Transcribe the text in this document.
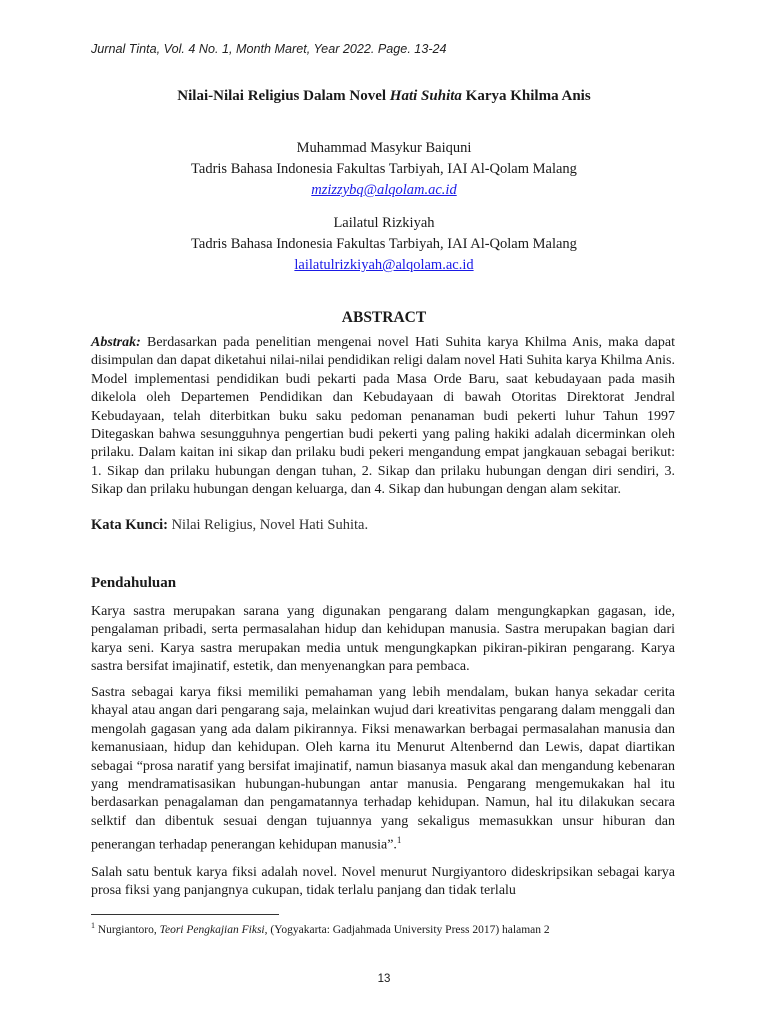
Jurnal Tinta, Vol. 4 No. 1, Month Maret, Year 2022. Page. 13-24
Nilai-Nilai Religius Dalam Novel Hati Suhita Karya Khilma Anis
Muhammad Masykur Baiquni
Tadris Bahasa Indonesia Fakultas Tarbiyah, IAI Al-Qolam Malang
mzizzybq@alqolam.ac.id
Lailatul Rizkiyah
Tadris Bahasa Indonesia Fakultas Tarbiyah, IAI Al-Qolam Malang
lailatulrizkiyah@alqolam.ac.id
ABSTRACT
Abstrak: Berdasarkan pada penelitian mengenai novel Hati Suhita karya Khilma Anis, maka dapat disimpulan dan dapat diketahui nilai-nilai pendidikan religi dalam novel Hati Suhita karya Khilma Anis. Model implementasi pendidikan budi pekarti pada Masa Orde Baru, saat kebudayaan pada masih dikelola oleh Departemen Pendidikan dan Kebudayaan di bawah Otoritas Direktorat Jendral Kebudayaan, telah diterbitkan buku saku pedoman penanaman budi pekerti luhur Tahun 1997 Ditegaskan bahwa sesungguhnya pengertian budi pekerti yang paling hakiki adalah dicerminkan oleh prilaku. Dalam kaitan ini sikap dan prilaku budi pekeri mengandung empat jangkauan sebagai berikut: 1. Sikap dan prilaku hubungan dengan tuhan, 2. Sikap dan prilaku hubungan dengan diri sendiri, 3. Sikap dan prilaku hubungan dengan keluarga, dan 4. Sikap dan hubungan dengan alam sekitar.
Kata Kunci: Nilai Religius, Novel Hati Suhita.
Pendahuluan
Karya sastra merupakan sarana yang digunakan pengarang dalam mengungkapkan gagasan, ide, pengalaman pribadi, serta permasalahan hidup dan kehidupan manusia. Sastra merupakan bagian dari karya seni. Karya sastra merupakan media untuk mengungkapkan pikiran-pikiran pengarang. Karya sastra bersifat imajinatif, estetik, dan menyenangkan para pembaca.
Sastra sebagai karya fiksi memiliki pemahaman yang lebih mendalam, bukan hanya sekadar cerita khayal atau angan dari pengarang saja, melainkan wujud dari kreativitas pengarang dalam menggali dan mengolah gagasan yang ada dalam pikirannya. Fiksi menawarkan berbagai permasalahan manusia dan kemanusiaan, hidup dan kehidupan. Oleh karna itu Menurut Altenbernd dan Lewis, dapat diartikan sebagai “prosa naratif yang bersifat imajinatif, namun biasanya masuk akal dan mengandung kebenaran yang mendramatisasikan hubungan-hubungan antar manusia. Pengarang mengemukakan hal itu berdasarkan penagalaman dan pengamatannya terhadap kehidupan. Namun, hal itu dilakukan secara selktif dan dibentuk sesuai dengan tujuannya yang sekaligus memasukkan unsur hiburan dan penerangan terhadap penerangan kehidupan manusia”.$^1$
Salah satu bentuk karya fiksi adalah novel. Novel menurut Nurgiyantoro dideskripsikan sebagai karya prosa fiksi yang panjangnya cukupan, tidak terlalu panjang dan tidak terlalu
$^1$ Nurgiantoro, Teori Pengkajian Fiksi, (Yogyakarta: Gadjahmada University Press 2017) halaman 2
13
